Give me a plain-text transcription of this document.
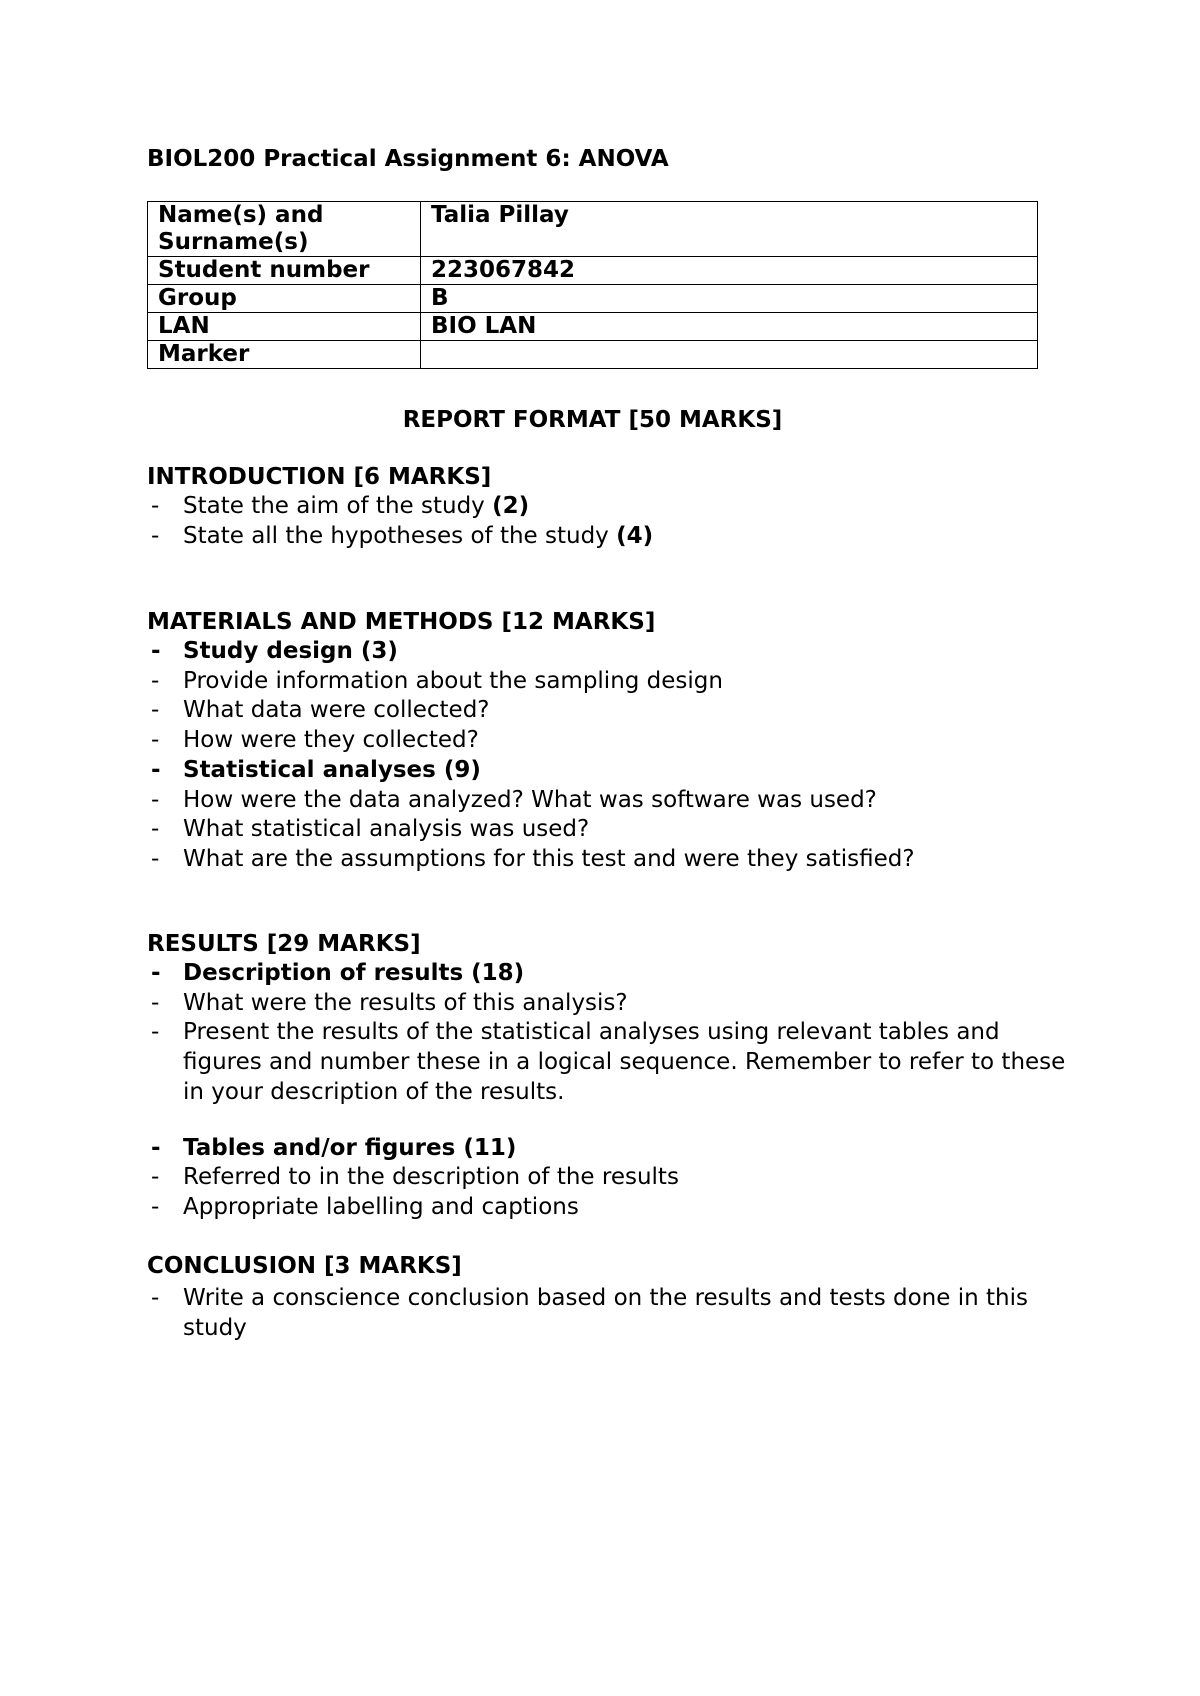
BIOL200 Practical Assignment 6: ANOVA
Name(s) and Surname(s)	Talia Pillay
Student number	223067842
Group	B
LAN	BIO LAN
Marker	
REPORT FORMAT [50 MARKS]
INTRODUCTION [6 MARKS]
- State the aim of the study (2)
- State all the hypotheses of the study (4)
MATERIALS AND METHODS [12 MARKS]
- Study design (3)
- Provide information about the sampling design
- What data were collected?
- How were they collected?
- Statistical analyses (9)
- How were the data analyzed? What was software was used?
- What statistical analysis was used?
- What are the assumptions for this test and were they satisfied?
RESULTS [29 MARKS]
- Description of results (18)
- What were the results of this analysis?
- Present the results of the statistical analyses using relevant tables and figures and number these in a logical sequence. Remember to refer to these in your description of the results.
- Tables and/or figures (11)
- Referred to in the description of the results
- Appropriate labelling and captions
CONCLUSION [3 MARKS]
- Write a conscience conclusion based on the results and tests done in this study
